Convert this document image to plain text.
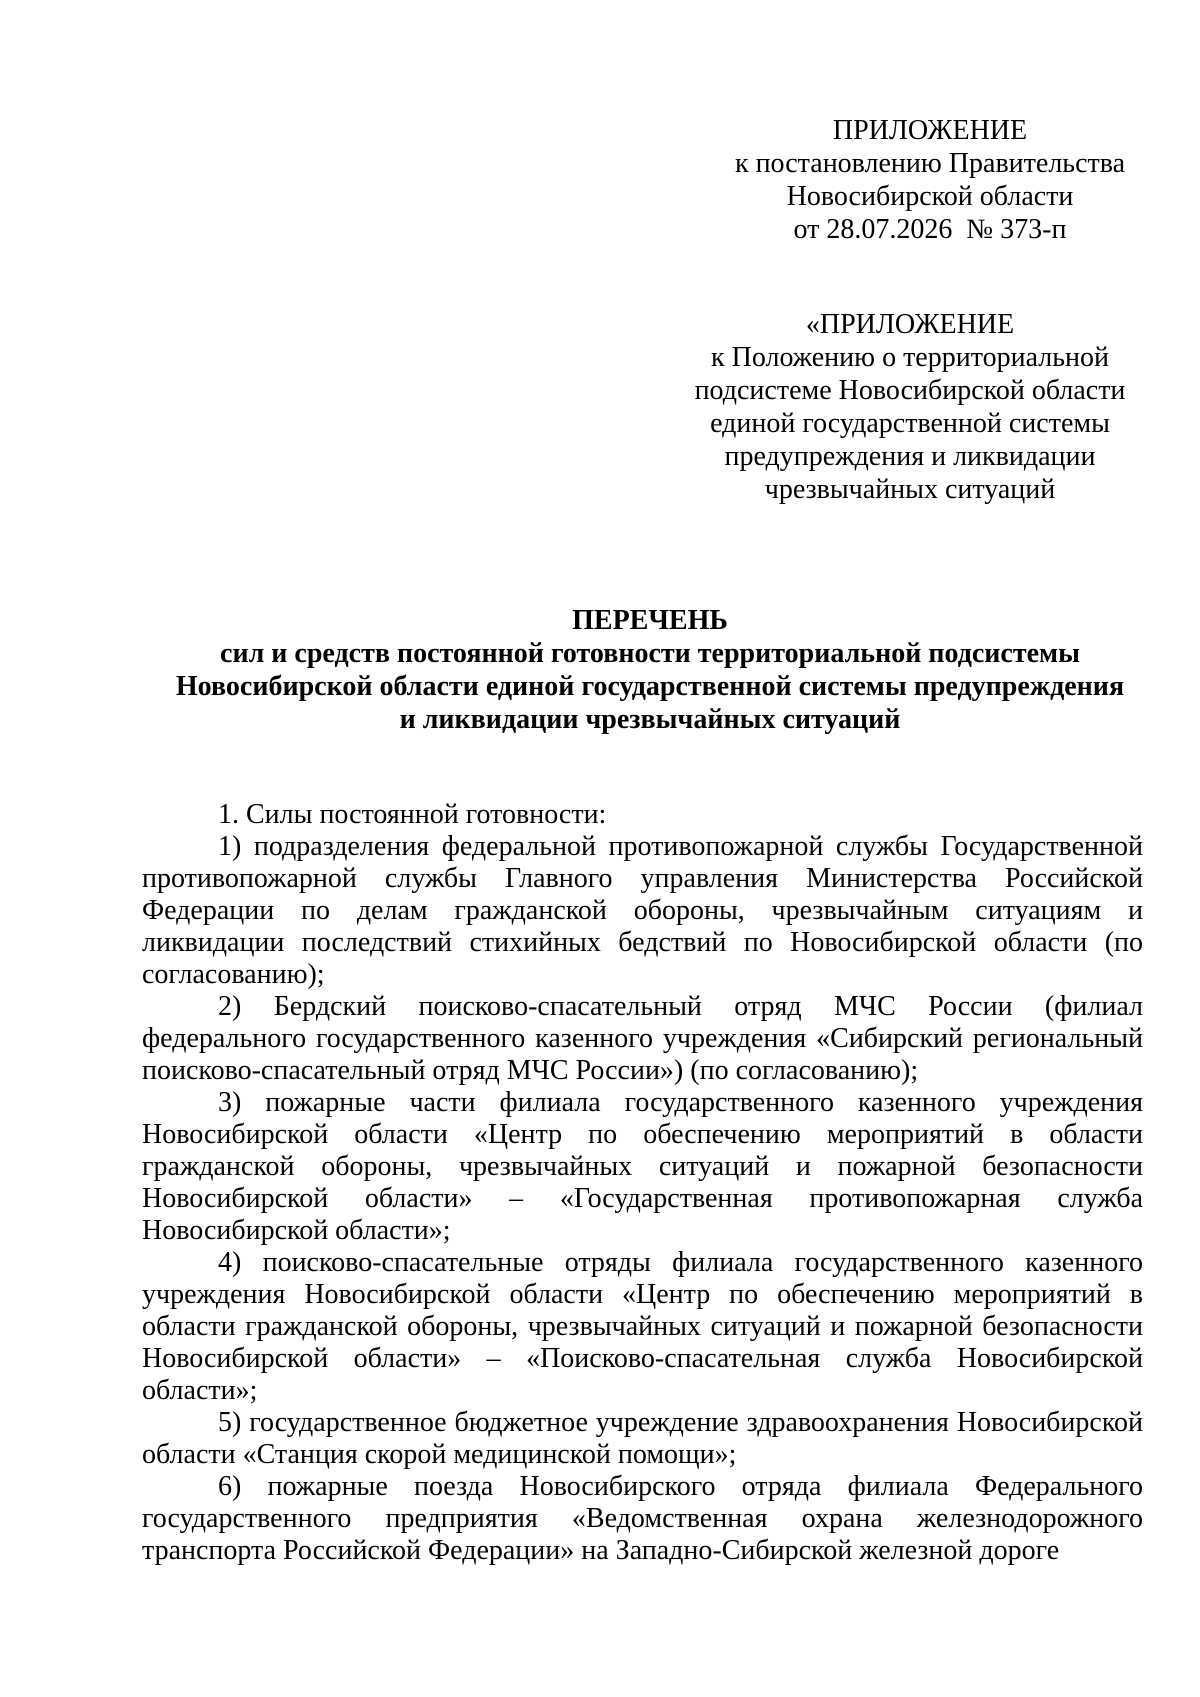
ПРИЛОЖЕНИЕ
к постановлению Правительства
Новосибирской области
от 28.07.2026  № 373-п
«ПРИЛОЖЕНИЕ
к Положению о территориальной
подсистеме Новосибирской области
единой государственной системы
предупреждения и ликвидации
чрезвычайных ситуаций
ПЕРЕЧЕНЬ
сил и средств постоянной готовности территориальной подсистемы
Новосибирской области единой государственной системы предупреждения
и ликвидации чрезвычайных ситуаций

1. Силы постоянной готовности:

1) подразделения федеральной противопожарной службы Государственной противопожарной службы Главного управления Министерства Российской Федерации по делам гражданской обороны, чрезвычайным ситуациям и ликвидации последствий стихийных бедствий по Новосибирской области (по согласованию);

2) Бердский поисково-спасательный отряд МЧС России (филиал федерального государственного казенного учреждения «Сибирский региональный поисково-спасательный отряд МЧС России») (по согласованию);

3) пожарные части филиала государственного казенного учреждения Новосибирской области «Центр по обеспечению мероприятий в области гражданской обороны, чрезвычайных ситуаций и пожарной безопасности Новосибирской области» – «Государственная противопожарная служба Новосибирской области»;

4) поисково-спасательные отряды филиала государственного казенного учреждения Новосибирской области «Центр по обеспечению мероприятий в области гражданской обороны, чрезвычайных ситуаций и пожарной безопасности Новосибирской области» – «Поисково-спасательная служба Новосибирской области»;

5) государственное бюджетное учреждение здравоохранения Новосибирской области «Станция скорой медицинской помощи»;

6) пожарные поезда Новосибирского отряда филиала Федерального государственного предприятия «Ведомственная охрана железнодорожного транспорта Российской Федерации» на Западно-Сибирской железной дороге
